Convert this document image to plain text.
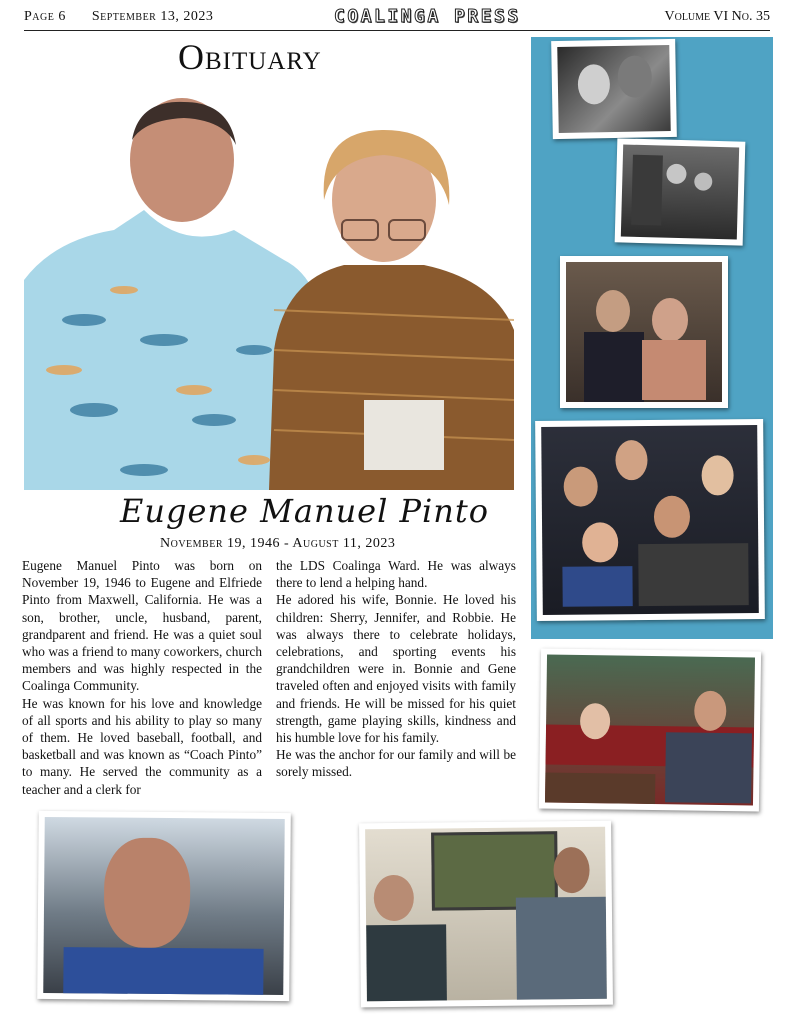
Page 6 September 13, 2023	COALINGA PRESS	Volume VI No. 35
Obituary
Eugene Manuel Pinto
November 19, 1946 - August 11, 2023

Eugene Manuel Pinto was born on November 19, 1946 to Eugene and Elfriede Pinto from Maxwell, California. He was a son, brother, uncle, husband, parent, grandparent and friend. He was a quiet soul who was a friend to many coworkers, church members and was highly respected in the Coalinga Community.

He was known for his love and knowledge of all sports and his ability to play so many of them. He loved baseball, football, and basketball and was known as “Coach Pinto” to many. He served the community as a teacher and a clerk for

the LDS Coalinga Ward. He was always there to lend a helping hand.

He adored his wife, Bonnie. He loved his children: Sherry, Jennifer, and Robbie. He was always there to celebrate holidays, celebrations, and sporting events his grandchildren were in. Bonnie and Gene traveled often and enjoyed visits with family and friends. He will be missed for his quiet strength, game playing skills, kindness and his humble love for his family.

He was the anchor for our family and will be sorely missed.
